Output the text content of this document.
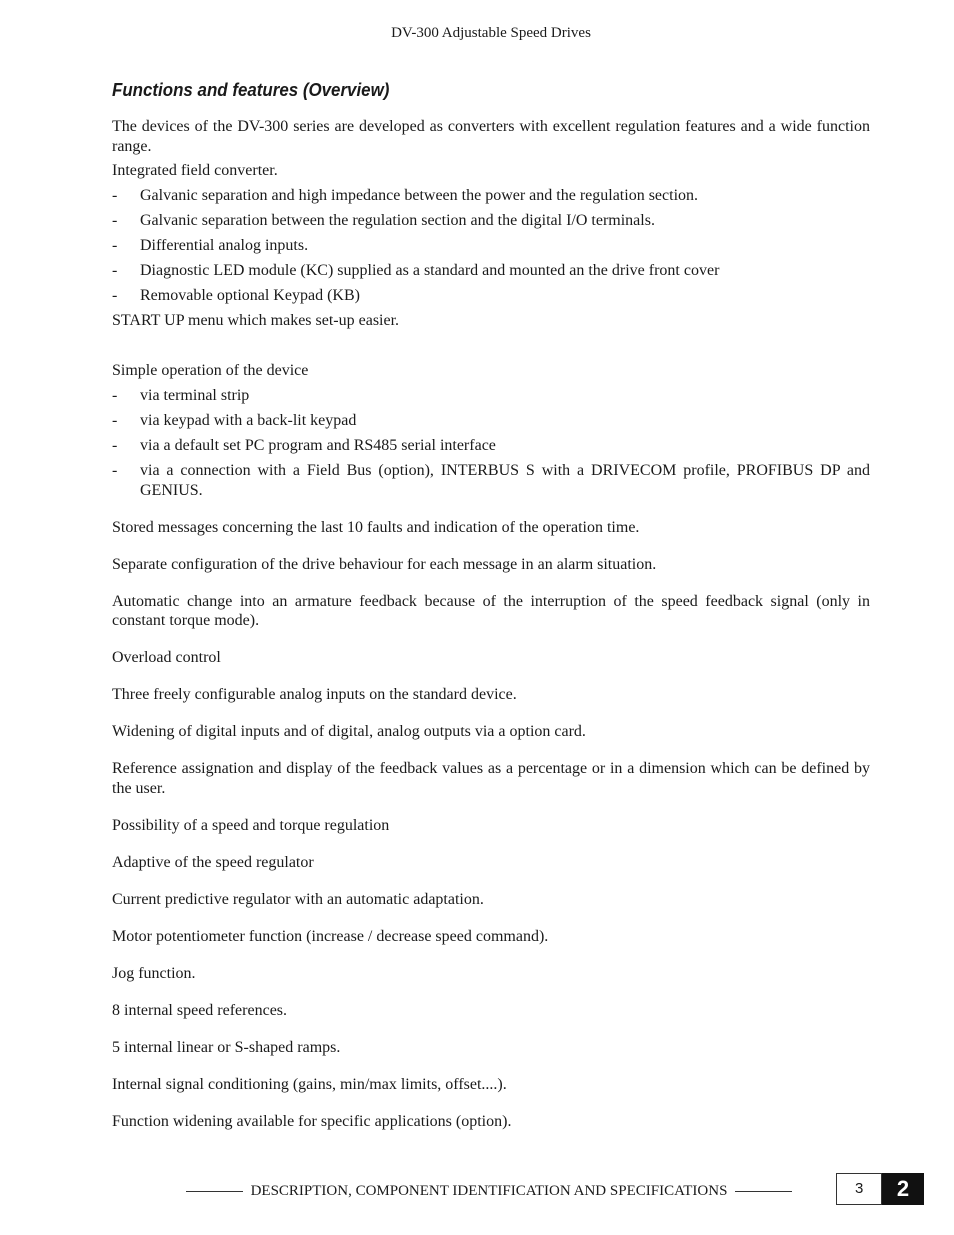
DV-300 Adjustable Speed Drives
Functions and features (Overview)

The devices of the DV-300 series are developed as converters with excellent regulation features and a wide function range.

Integrated field converter.

-	Galvanic separation and high impedance between the power and the regulation section.
-	Galvanic separation between the regulation section and the digital I/O terminals.
-	Differential analog inputs.
-	Diagnostic LED module (KC) supplied as a standard and mounted an the drive front cover
-	Removable optional Keypad (KB)

START UP menu which makes set-up easier.

Simple operation of the device

-	via terminal strip
-	via keypad with a back-lit keypad
-	via a default set PC program and RS485 serial interface
-	via a connection with a Field Bus (option), INTERBUS S with a DRIVECOM profile, PROFIBUS DP and GENIUS.

Stored messages concerning the last 10 faults and indication of the operation time.

Separate configuration of the drive behaviour for each message in an alarm situation.

Automatic change into an armature feedback because of the interruption of the speed feedback signal (only in constant torque mode).

Overload control

Three freely configurable analog inputs on the standard device.

Widening of digital inputs and of digital, analog outputs via a option card.

Reference assignation and display of the feedback values as a percentage or in a dimension which can be defined by the user.

Possibility of a speed and torque regulation

Adaptive of the speed regulator

Current predictive regulator with an automatic adaptation.

Motor potentiometer function (increase / decrease speed command).

Jog function.

8 internal speed references.

5 internal linear or S-shaped ramps.

Internal signal conditioning (gains, min/max limits, offset....).

Function widening available for specific applications (option).

DESCRIPTION, COMPONENT IDENTIFICATION AND SPECIFICATIONS	3	2
